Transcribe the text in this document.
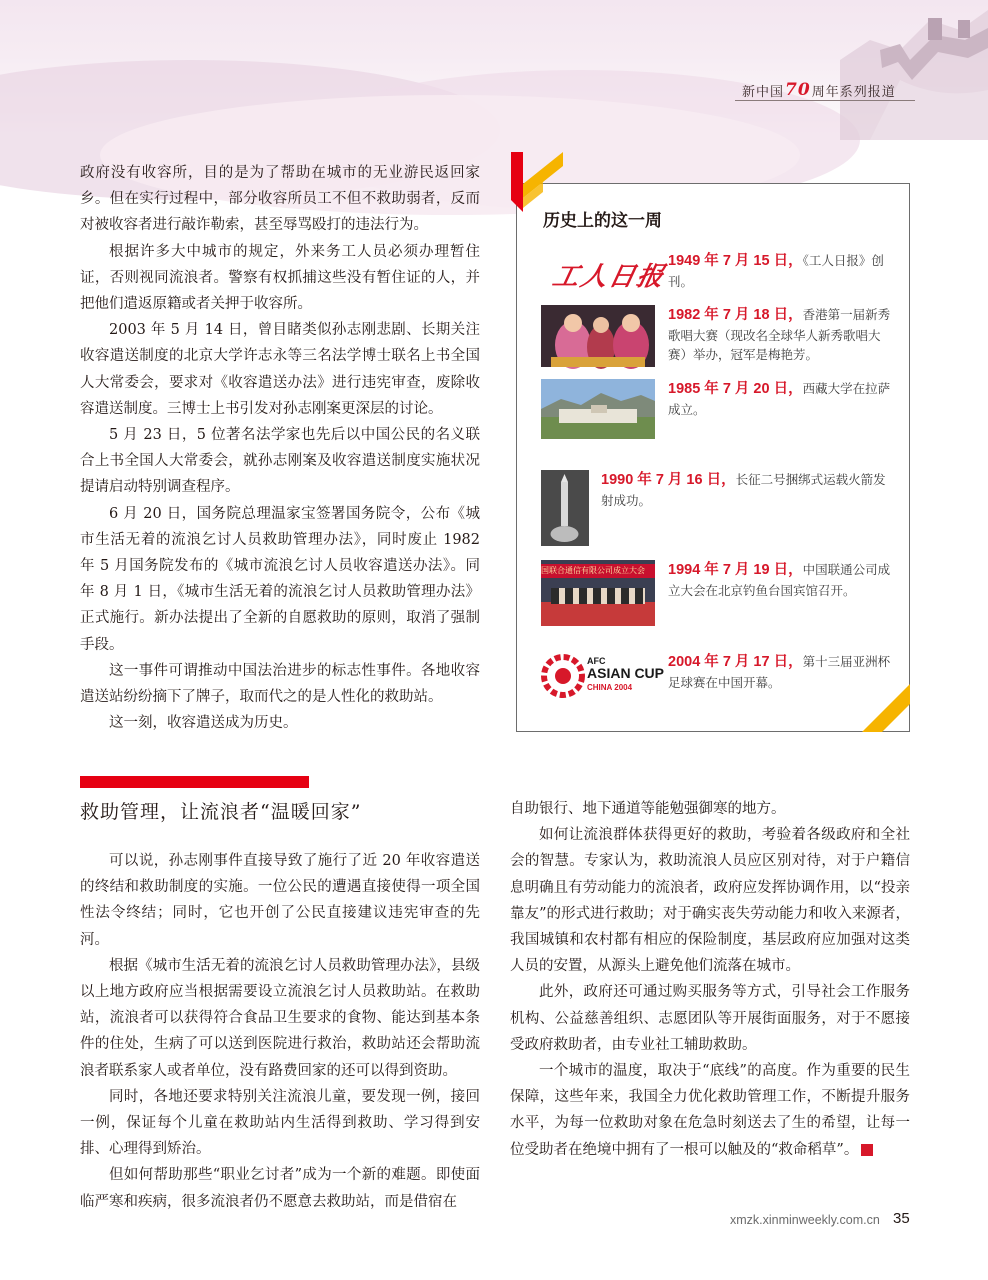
新中国 70 周年系列报道

政府没有收容所，目的是为了帮助在城市的无业游民返回家乡。但在实行过程中，部分收容所员工不但不救助弱者，反而对被收容者进行敲诈勒索，甚至辱骂殴打的违法行为。

根据许多大中城市的规定，外来务工人员必须办理暂住证，否则视同流浪者。警察有权抓捕这些没有暂住证的人，并把他们遣返原籍或者关押于收容所。

2003 年 5 月 14 日，曾目睹类似孙志刚悲剧、长期关注收容遣送制度的北京大学许志永等三名法学博士联名上书全国人大常委会，要求对《收容遣送办法》进行违宪审查，废除收容遣送制度。三博士上书引发对孙志刚案更深层的讨论。

5 月 23 日，5 位著名法学家也先后以中国公民的名义联合上书全国人大常委会，就孙志刚案及收容遣送制度实施状况提请启动特别调查程序。

6 月 20 日，国务院总理温家宝签署国务院令，公布《城市生活无着的流浪乞讨人员救助管理办法》，同时废止 1982 年 5 月国务院发布的《城市流浪乞讨人员收容遣送办法》。同年 8 月 1 日，《城市生活无着的流浪乞讨人员救助管理办法》正式施行。新办法提出了全新的自愿救助的原则，取消了强制手段。

这一事件可谓推动中国法治进步的标志性事件。各地收容遣送站纷纷摘下了牌子，取而代之的是人性化的救助站。

这一刻，收容遣送成为历史。

历史上的这一周
工人日报
1949 年 7 月 15 日，《工人日报》创刊。
1982 年 7 月 18 日，香港第一届新秀歌唱大赛（现改名全球华人新秀歌唱大赛）举办，冠军是梅艳芳。
1985 年 7 月 20 日，西藏大学在拉萨成立。
1990 年 7 月 16 日，长征二号捆绑式运载火箭发射成功。
国联合通信有限公司成立大会	1994 年 7 月 19 日，中国联通公司成立大会在北京钓鱼台国宾馆召开。
AFC
ASIAN CUP
CHINA 2004
2004 年 7 月 17 日，第十三届亚洲杯足球赛在中国开幕。
救助管理，让流浪者“温暖回家”

可以说，孙志刚事件直接导致了施行了近 20 年收容遣送的终结和救助制度的实施。一位公民的遭遇直接使得一项全国性法令终结；同时，它也开创了公民直接建议违宪审查的先河。

根据《城市生活无着的流浪乞讨人员救助管理办法》，县级以上地方政府应当根据需要设立流浪乞讨人员救助站。在救助站，流浪者可以获得符合食品卫生要求的食物、能达到基本条件的住处，生病了可以送到医院进行救治，救助站还会帮助流浪者联系家人或者单位，没有路费回家的还可以得到资助。

同时，各地还要求特别关注流浪儿童，要发现一例，接回一例，保证每个儿童在救助站内生活得到救助、学习得到安排、心理得到矫治。

但如何帮助那些“职业乞讨者”成为一个新的难题。即使面临严寒和疾病，很多流浪者仍不愿意去救助站，而是借宿在

自助银行、地下通道等能勉强御寒的地方。

如何让流浪群体获得更好的救助，考验着各级政府和全社会的智慧。专家认为，救助流浪人员应区别对待，对于户籍信息明确且有劳动能力的流浪者，政府应发挥协调作用，以“投亲靠友”的形式进行救助；对于确实丧失劳动能力和收入来源者，我国城镇和农村都有相应的保险制度，基层政府应加强对这类人员的安置，从源头上避免他们流落在城市。

此外，政府还可通过购买服务等方式，引导社会工作服务机构、公益慈善组织、志愿团队等开展街面服务，对于不愿接受政府救助者，由专业社工辅助救助。

一个城市的温度，取决于“底线”的高度。作为重要的民生保障，这些年来，我国全力优化救助管理工作，不断提升服务水平，为每一位救助对象在危急时刻送去了生的希望，让每一位受助者在绝境中拥有了一根可以触及的“救命稻草”。	民

xmzk.xinminweekly.com.cn 35
